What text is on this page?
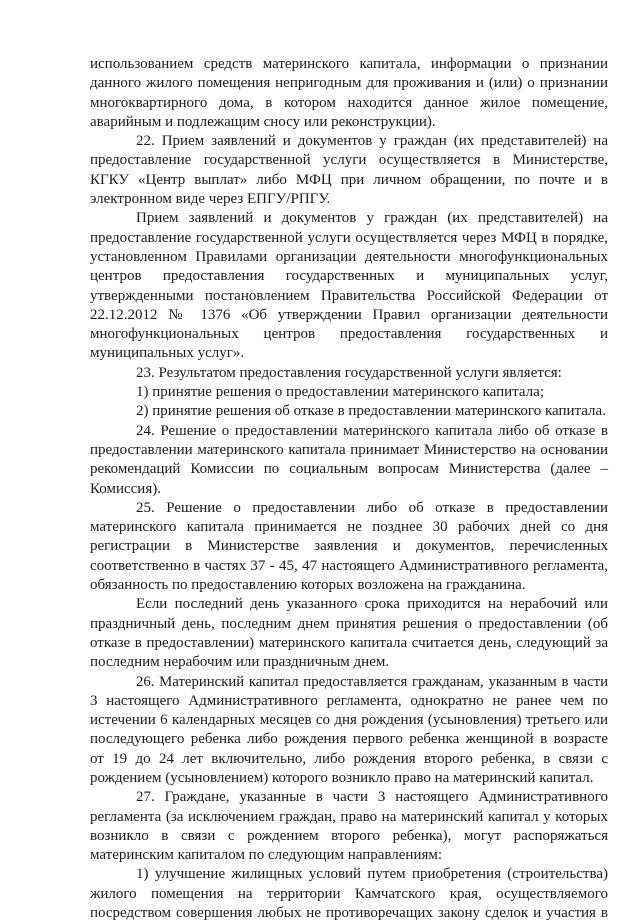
использованием средств материнского капитала, информации о признании
данного жилого помещения непригодным для проживания и (или) о признании
многоквартирного дома, в котором находится данное жилое помещение,
аварийным и подлежащим сносу или реконструкции).
22. Прием заявлений и документов у граждан (их представителей) на
предоставление государственной услуги осуществляется в Министерстве,
КГКУ «Центр выплат» либо МФЦ при личном обращении, по почте и в
электронном виде через ЕПГУ/РПГУ.
Прием заявлений и документов у граждан (их представителей) на
предоставление государственной услуги осуществляется через МФЦ в порядке,
установленном Правилами организации деятельности многофункциональных
центров предоставления государственных и муниципальных услуг,
утвержденными постановлением Правительства Российской Федерации от
22.12.2012 № 1376 «Об утверждении Правил организации деятельности
многофункциональных центров предоставления государственных и
муниципальных услуг».
23. Результатом предоставления государственной услуги является:
1) принятие решения о предоставлении материнского капитала;
2) принятие решения об отказе в предоставлении материнского капитала.
24. Решение о предоставлении материнского капитала либо об отказе в
предоставлении материнского капитала принимает Министерство на основании
рекомендаций Комиссии по социальным вопросам Министерства (далее –
Комиссия).
25. Решение о предоставлении либо об отказе в предоставлении
материнского капитала принимается не позднее 30 рабочих дней со дня
регистрации в Министерстве заявления и документов, перечисленных
соответственно в частях 37 - 45, 47 настоящего Административного регламента,
обязанность по предоставлению которых возложена на гражданина.
Если последний день указанного срока приходится на нерабочий или
праздничный день, последним днем принятия решения о предоставлении (об
отказе в предоставлении) материнского капитала считается день, следующий за
последним нерабочим или праздничным днем.
26. Материнский капитал предоставляется гражданам, указанным в части
3 настоящего Административного регламента, однократно не ранее чем по
истечении 6 календарных месяцев со дня рождения (усыновления) третьего или
последующего ребенка либо рождения первого ребенка женщиной в возрасте
от 19 до 24 лет включительно, либо рождения второго ребенка, в связи с
рождением (усыновлением) которого возникло право на материнский капитал.
27. Граждане, указанные в части 3 настоящего Административного
регламента (за исключением граждан, право на материнский капитал у которых
возникло в связи с рождением второго ребенка), могут распоряжаться
материнским капиталом по следующим направлениям:
1) улучшение жилищных условий путем приобретения (строительства)
жилого помещения на территории Камчатского края, осуществляемого
посредством совершения любых не противоречащих закону сделок и участия в
